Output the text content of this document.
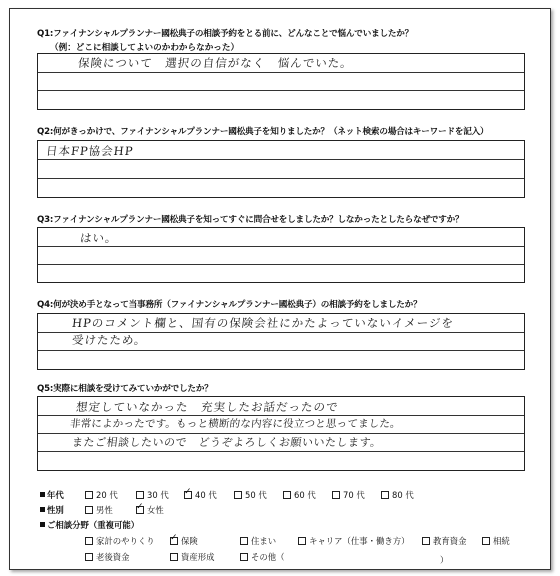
Q1:ファイナンシャルプランナー國松典子の相談予約をとる前に、どんなことで悩んでいましたか？
（例：どこに相談してよいのかわからなかった）
保険について　選択の自信がなく　悩んでいた。
Q2:何がきっかけで、ファイナンシャルプランナー國松典子を知りましたか？（ネット検索の場合はキーワードを記入）
日本FP協会HP
Q3:ファイナンシャルプランナー國松典子を知ってすぐに問合せをしましたか？しなかったとしたらなぜですか？
はい。
Q4:何が決め手となって当事務所（ファイナンシャルプランナー國松典子）の相談予約をしましたか？
HPのコメント欄と、国有の保険会社にかたよっていないイメージを
受けたため。
Q5:実際に相談を受けてみていかがでしたか？
想定していなかった　充実したお話だったので
非常によかったです。もっと横断的な内容に役立つと思ってました。
またご相談したいので　どうぞよろしくお願いいたします。
年代	20 代	30 代 ✓	40 代	50 代	60 代	70 代	80 代
性別	男性 ✓	女性
ご相談分野（重複可能）
家計のやりくり ✓	保険	住まい	キャリア（仕事・働き方）	教育資金	相続
老後資金	資産形成	その他（	）
